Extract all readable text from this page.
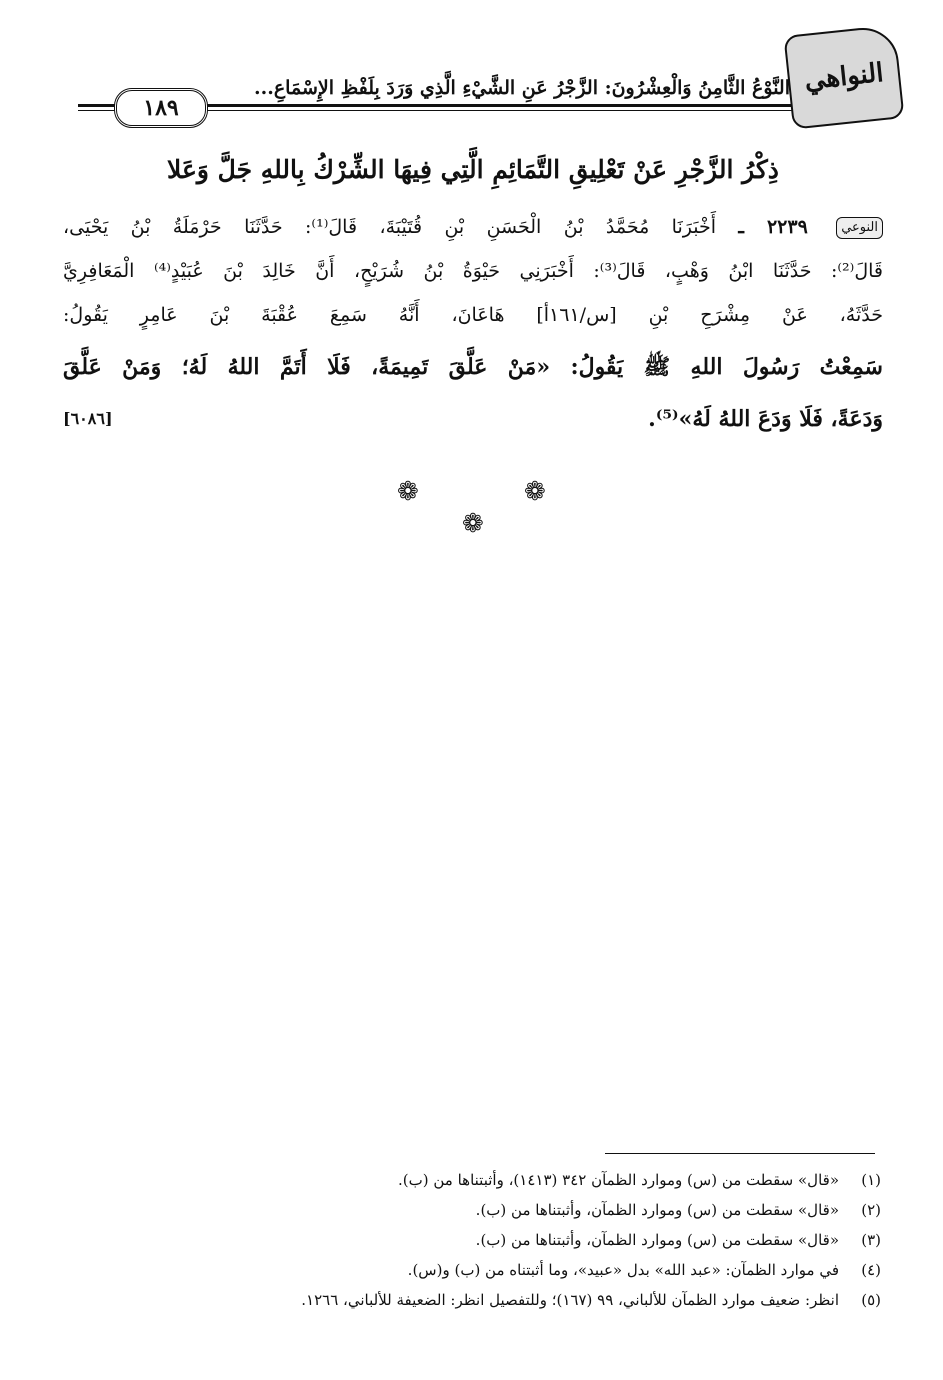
النواهي
النَّوْعُ الثَّامِنُ وَالْعِشْرُونَ: الزَّجْرُ عَنِ الشَّيْءِ الَّذِي وَرَدَ بِلَفْظِ الإِسْمَاعِ...
١٨٩
ذِكْرُ الزَّجْرِ عَنْ تَعْلِيقِ التَّمَائِمِ الَّتِي فِيهَا الشِّرْكُ بِاللهِ جَلَّ وَعَلا
النوعي ٢٢٣٩ ـ أَخْبَرَنَا مُحَمَّدُ بْنُ الْحَسَنِ بْنِ قُتَيْبَةَ، قَالَ⁽¹⁾: حَدَّثَنَا حَرْمَلَةُ بْنُ يَحْيَى،
قَالَ⁽²⁾: حَدَّثَنَا ابْنُ وَهْبٍ، قَالَ⁽³⁾: أَخْبَرَنِي حَيْوَةُ بْنُ شُرَيْحٍ، أَنَّ خَالِدَ بْنَ عُبَيْدٍ⁽⁴⁾ الْمَعَافِرِيَّ
حَدَّثَهُ، عَنْ مِشْرَحِ بْنِ [س/١٦١أ] هَاعَانَ، أَنَّهُ سَمِعَ عُقْبَةَ بْنَ عَامِرٍ يَقُولُ:
سَمِعْتُ رَسُولَ اللهِ ﷺ يَقُولُ: «مَنْ عَلَّقَ تَمِيمَةً، فَلَا أَتَمَّ اللهُ لَهُ؛ وَمَنْ عَلَّقَ
وَدَعَةً، فَلَا وَدَعَ اللهُ لَهُ»⁽⁵⁾.
[٦٠٨٦]
❁	❁
❁
(١)«قال» سقطت من (س) وموارد الظمآن ٣٤٢ (١٤١٣)، وأثبتناها من (ب).
(٢)«قال» سقطت من (س) وموارد الظمآن، وأثبتناها من (ب).
(٣)«قال» سقطت من (س) وموارد الظمآن، وأثبتناها من (ب).
(٤)في موارد الظمآن: «عبد الله» بدل «عبيد»، وما أثبتناه من (ب) و(س).
(٥)انظر: ضعيف موارد الظمآن للألباني، ٩٩ (١٦٧)؛ وللتفصيل انظر: الضعيفة للألباني، ١٢٦٦.
